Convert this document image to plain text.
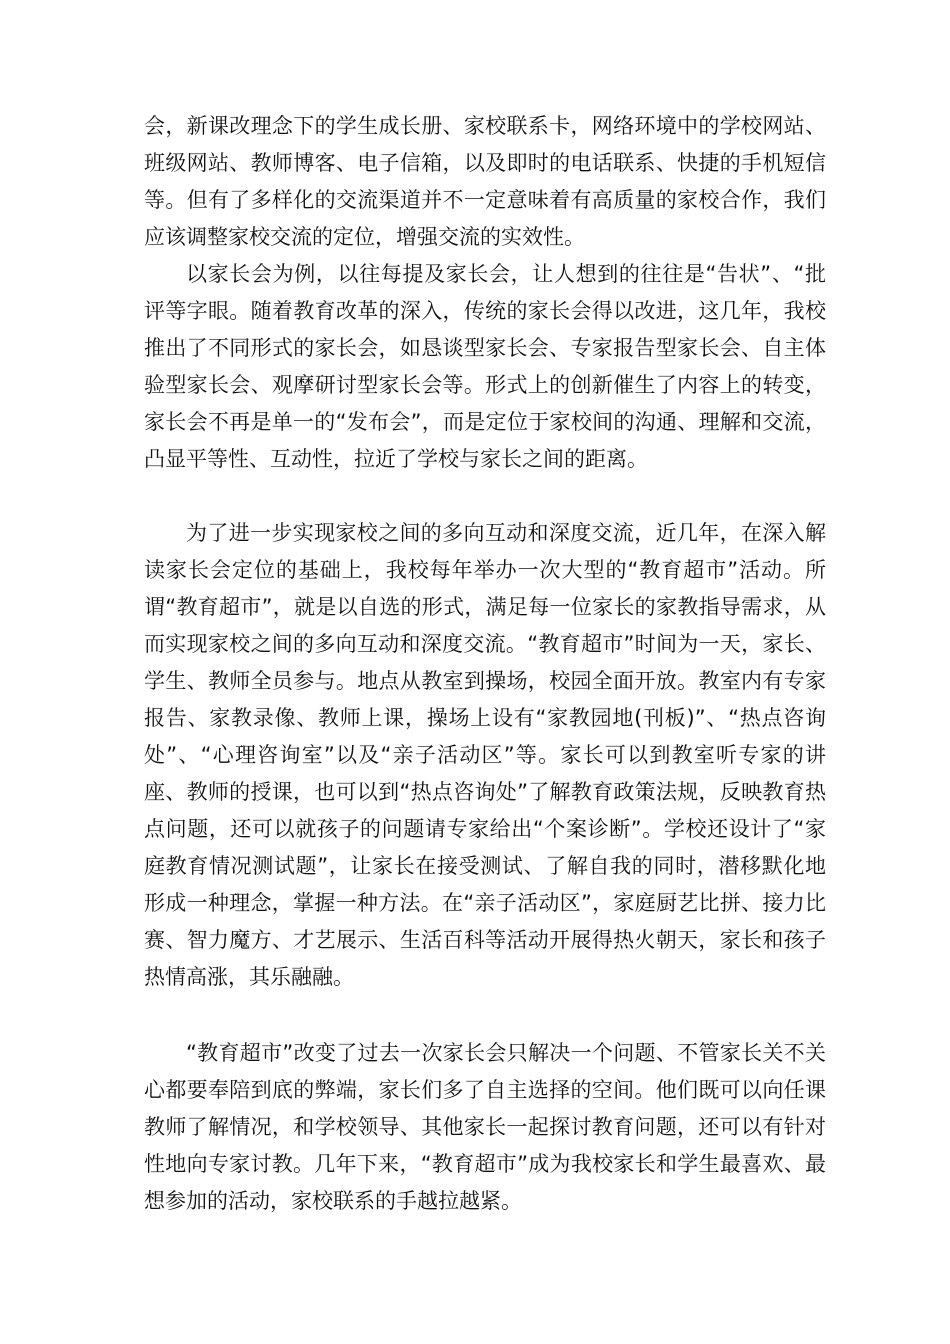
会，新课改理念下的学生成长册、家校联系卡，网络环境中的学校网站、班级网站、教师博客、电子信箱，以及即时的电话联系、快捷的手机短信等。但有了多样化的交流渠道并不一定意味着有高质量的家校合作，我们应该调整家校交流的定位，增强交流的实效性。

以家长会为例，以往每提及家长会，让人想到的往往是“告状”、“批评等字眼。随着教育改革的深入，传统的家长会得以改进，这几年，我校推出了不同形式的家长会，如恳谈型家长会、专家报告型家长会、自主体验型家长会、观摩研讨型家长会等。形式上的创新催生了内容上的转变，家长会不再是单一的“发布会”，而是定位于家校间的沟通、理解和交流，凸显平等性、互动性，拉近了学校与家长之间的距离。

为了进一步实现家校之间的多向互动和深度交流，近几年，在深入解读家长会定位的基础上，我校每年举办一次大型的“教育超市”活动。所谓“教育超市”，就是以自选的形式，满足每一位家长的家教指导需求，从而实现家校之间的多向互动和深度交流。“教育超市”时间为一天，家长、学生、教师全员参与。地点从教室到操场，校园全面开放。教室内有专家报告、家教录像、教师上课，操场上设有“家教园地(刊板)”、“热点咨询处”、“心理咨询室”以及“亲子活动区”等。家长可以到教室听专家的讲座、教师的授课，也可以到“热点咨询处”了解教育政策法规，反映教育热点问题，还可以就孩子的问题请专家给出“个案诊断”。学校还设计了“家庭教育情况测试题”，让家长在接受测试、了解自我的同时，潜移默化地形成一种理念，掌握一种方法。在“亲子活动区”，家庭厨艺比拼、接力比赛、智力魔方、才艺展示、生活百科等活动开展得热火朝天，家长和孩子热情高涨，其乐融融。

“教育超市”改变了过去一次家长会只解决一个问题、不管家长关不关心都要奉陪到底的弊端，家长们多了自主选择的空间。他们既可以向任课教师了解情况，和学校领导、其他家长一起探讨教育问题，还可以有针对性地向专家讨教。几年下来，“教育超市”成为我校家长和学生最喜欢、最想参加的活动，家校联系的手越拉越紧。
